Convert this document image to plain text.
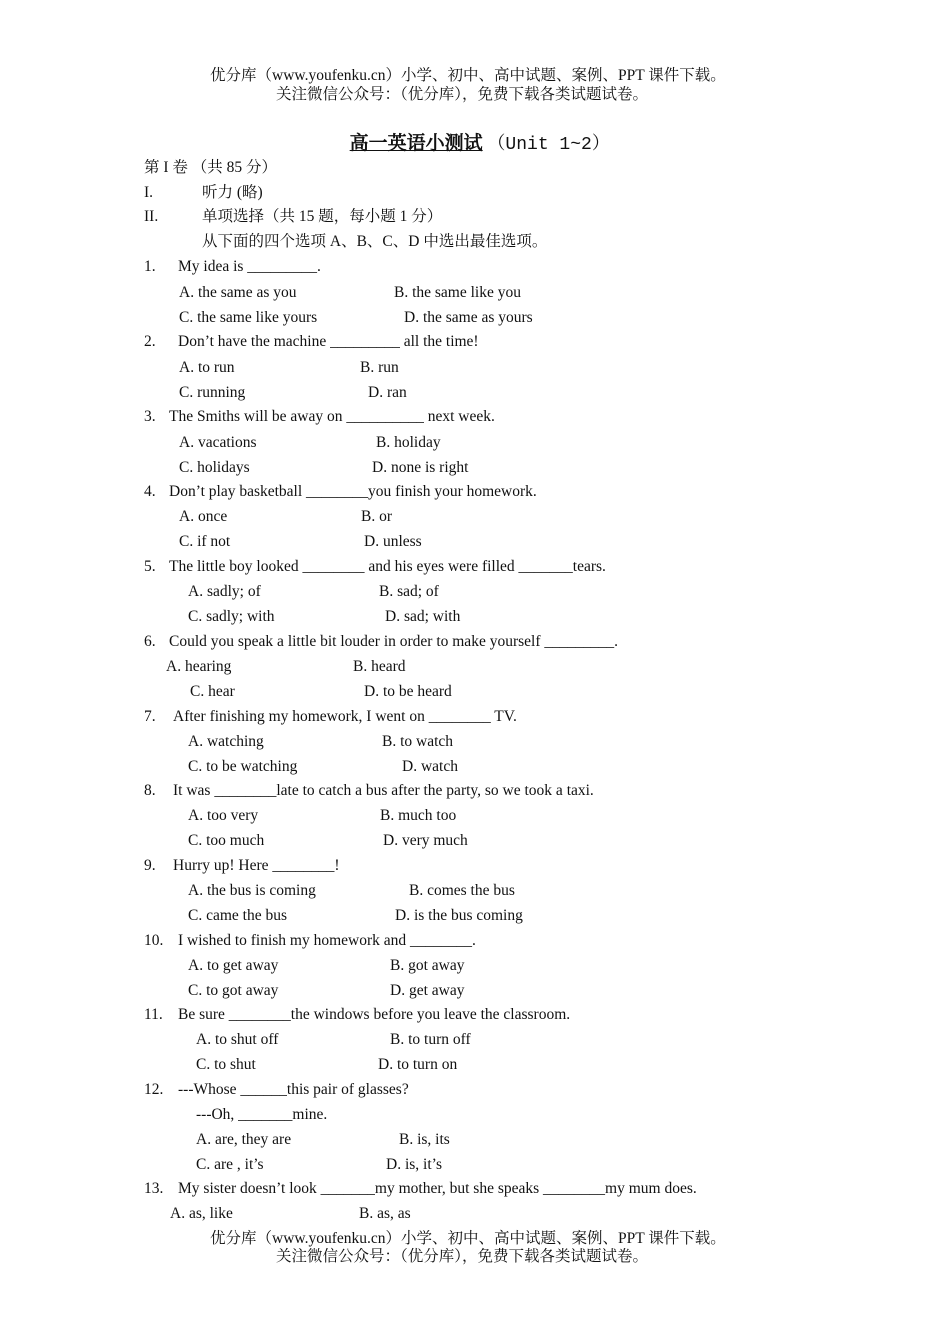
优分库（www.youfenku.cn）小学、初中、高中试题、案例、PPT 课件下载。
关注微信公众号：（优分库），免费下载各类试题试卷。

高一英语小测试 （Unit 1~2）

第 I 卷 （共 85 分）
I.	听力 (略)
II.	单项选择（共 15 题，每小题 1 分）
从下面的四个选项 A、B、C、D 中选出最佳选项。
1. My idea is _________.
A. the same as you	B. the same like you
C. the same like yours	D. the same as yours
2. Don’t have the machine _________ all the time!
A. to run	B. run
C. running	D. ran
3. The Smiths will be away on __________ next week.
A. vacations	B. holiday
C. holidays	D. none is right
4. Don’t play basketball ________you finish your homework.
A. once	B. or
C. if not	D. unless
5. The little boy looked ________ and his eyes were filled _______tears.
A. sadly; of	B. sad; of
C. sadly; with	D. sad; with
6. Could you speak a little bit louder in order to make yourself _________.
A. hearing	B. heard
C. hear	D. to be heard
7. After finishing my homework, I went on ________ TV.
A. watching	B. to watch
C. to be watching	D. watch
8. It was ________late to catch a bus after the party, so we took a taxi.
A. too very	B. much too
C. too much	D. very much
9. Hurry up! Here ________!
A. the bus is coming	B. comes the bus
C. came the bus	D. is the bus coming
10. I wished to finish my homework and ________.
A. to get away	B. got away
C. to got away	D. get away
11. Be sure ________the windows before you leave the classroom.
A. to shut off	B. to turn off
C. to shut	D. to turn on
12. ---Whose ______this pair of glasses?
---Oh, _______mine.
A. are, they are	B. is, its
C. are , it’s	D. is, it’s
13. My sister doesn’t look _______my mother, but she speaks ________my mum does.
A. as, like	B. as, as
优分库（www.youfenku.cn）小学、初中、高中试题、案例、PPT 课件下载。
关注微信公众号：（优分库），免费下载各类试题试卷。
